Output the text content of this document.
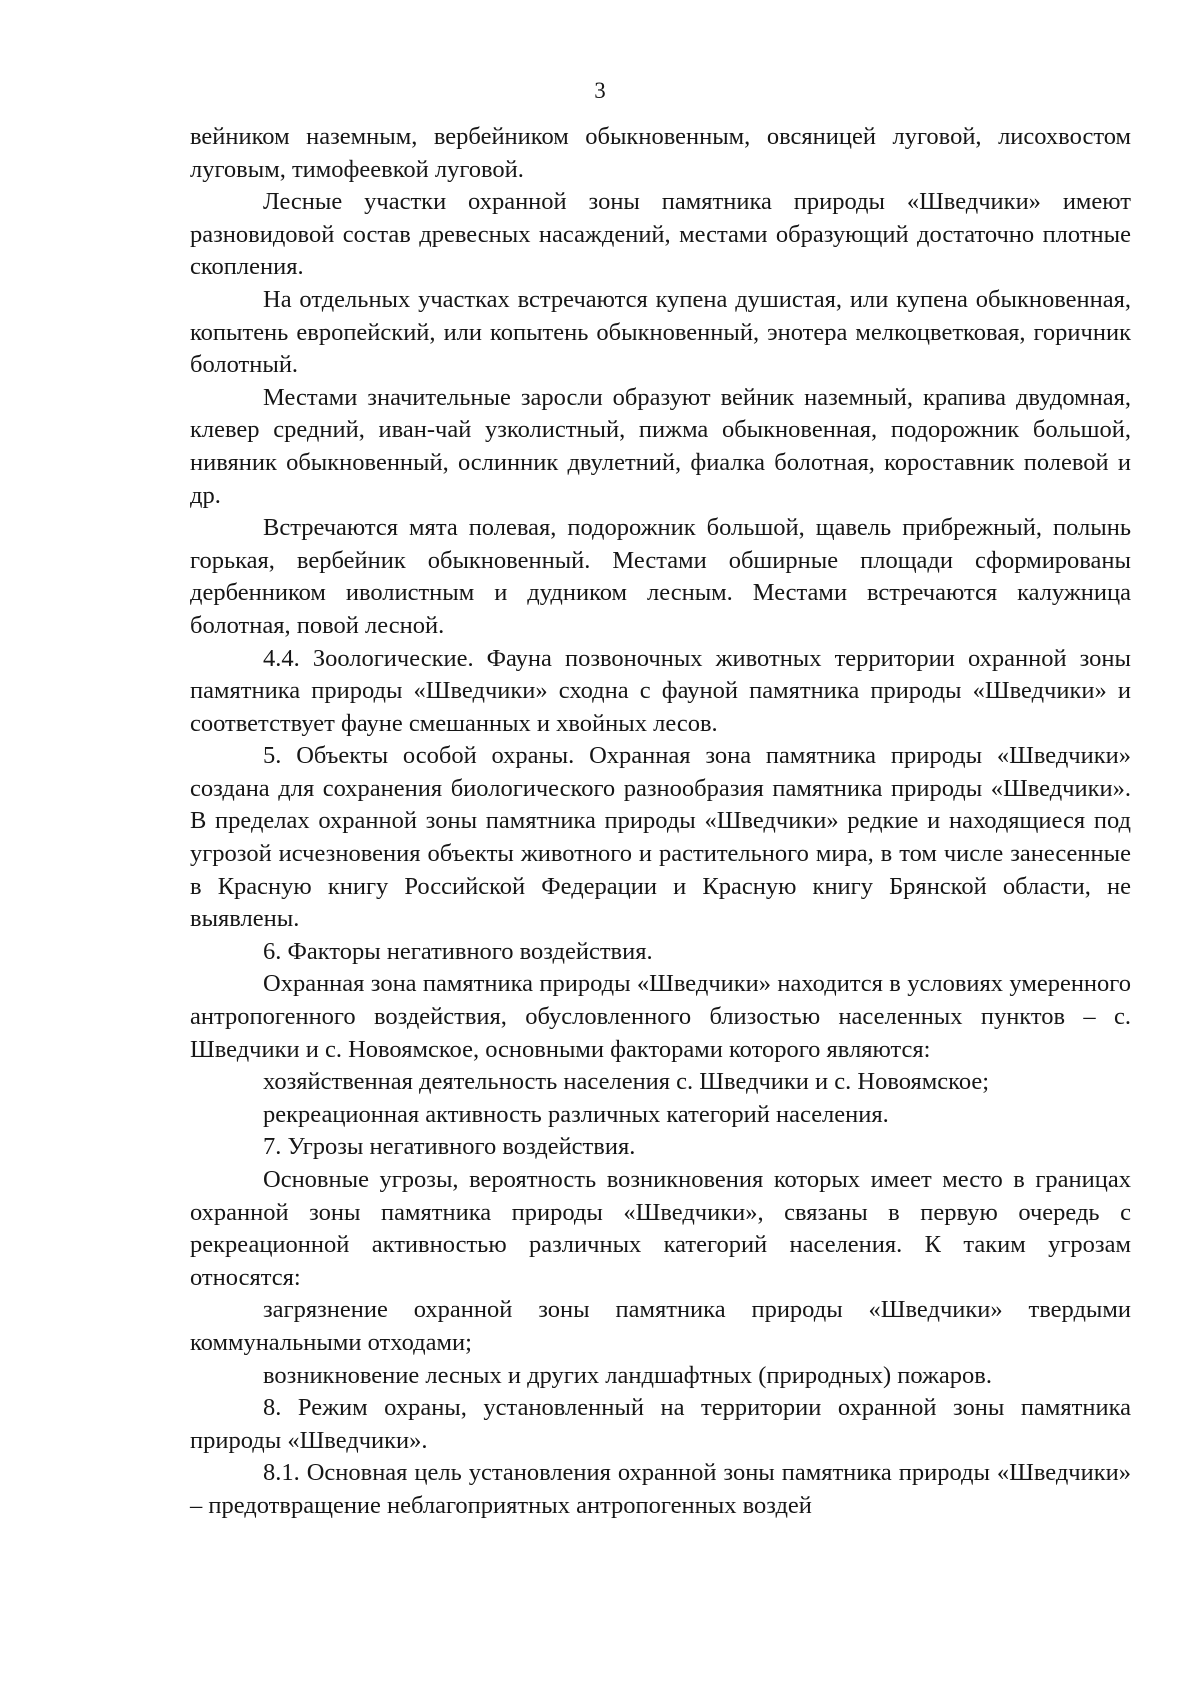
3

вейником наземным, вербейником обыкновенным, овсяницей луговой, лисохвостом луговым, тимофеевкой луговой.

Лесные участки охранной зоны памятника природы «Шведчики» имеют разновидовой состав древесных насаждений, местами образующий достаточно плотные скопления.

На отдельных участках встречаются купена душистая, или купена обыкновенная, копытень европейский, или копытень обыкновенный, энотера мелкоцветковая, горичник болотный.

Местами значительные заросли образуют вейник наземный, крапива двудомная, клевер средний, иван-чай узколистный, пижма обыкновенная, подорожник большой, нивяник обыкновенный, ослинник двулетний, фиалка болотная, короставник полевой и др.

Встречаются мята полевая, подорожник большой, щавель прибрежный, полынь горькая, вербейник обыкновенный. Местами обширные площади сформированы дербенником иволистным и дудником лесным. Местами встречаются калужница болотная, повой лесной.

4.4. Зоологические. Фауна позвоночных животных территории охранной зоны памятника природы «Шведчики» сходна с фауной памятника природы «Шведчики» и соответствует фауне смешанных и хвойных лесов.

5. Объекты особой охраны. Охранная зона памятника природы «Шведчики» создана для сохранения биологического разнообразия памятника природы «Шведчики». В пределах охранной зоны памятника природы «Шведчики» редкие и находящиеся под угрозой исчезновения объекты животного и растительного мира, в том числе занесенные в Красную книгу Российской Федерации и Красную книгу Брянской области, не выявлены.

6. Факторы негативного воздействия.

Охранная зона памятника природы «Шведчики» находится в условиях умеренного антропогенного воздействия, обусловленного близостью населенных пунктов – с. Шведчики и с. Новоямское, основными факторами которого являются:

хозяйственная деятельность населения с. Шведчики и с. Новоямское;

рекреационная активность различных категорий населения.

7. Угрозы негативного воздействия.

Основные угрозы, вероятность возникновения которых имеет место в границах охранной зоны памятника природы «Шведчики», связаны в первую очередь с рекреационной активностью различных категорий населения. К таким угрозам относятся:

загрязнение охранной зоны памятника природы «Шведчики» твердыми коммунальными отходами;

возникновение лесных и других ландшафтных (природных) пожаров.

8. Режим охраны, установленный на территории охранной зоны памятника природы «Шведчики».

8.1. Основная цель установления охранной зоны памятника природы «Шведчики» – предотвращение неблагоприятных антропогенных воздей
